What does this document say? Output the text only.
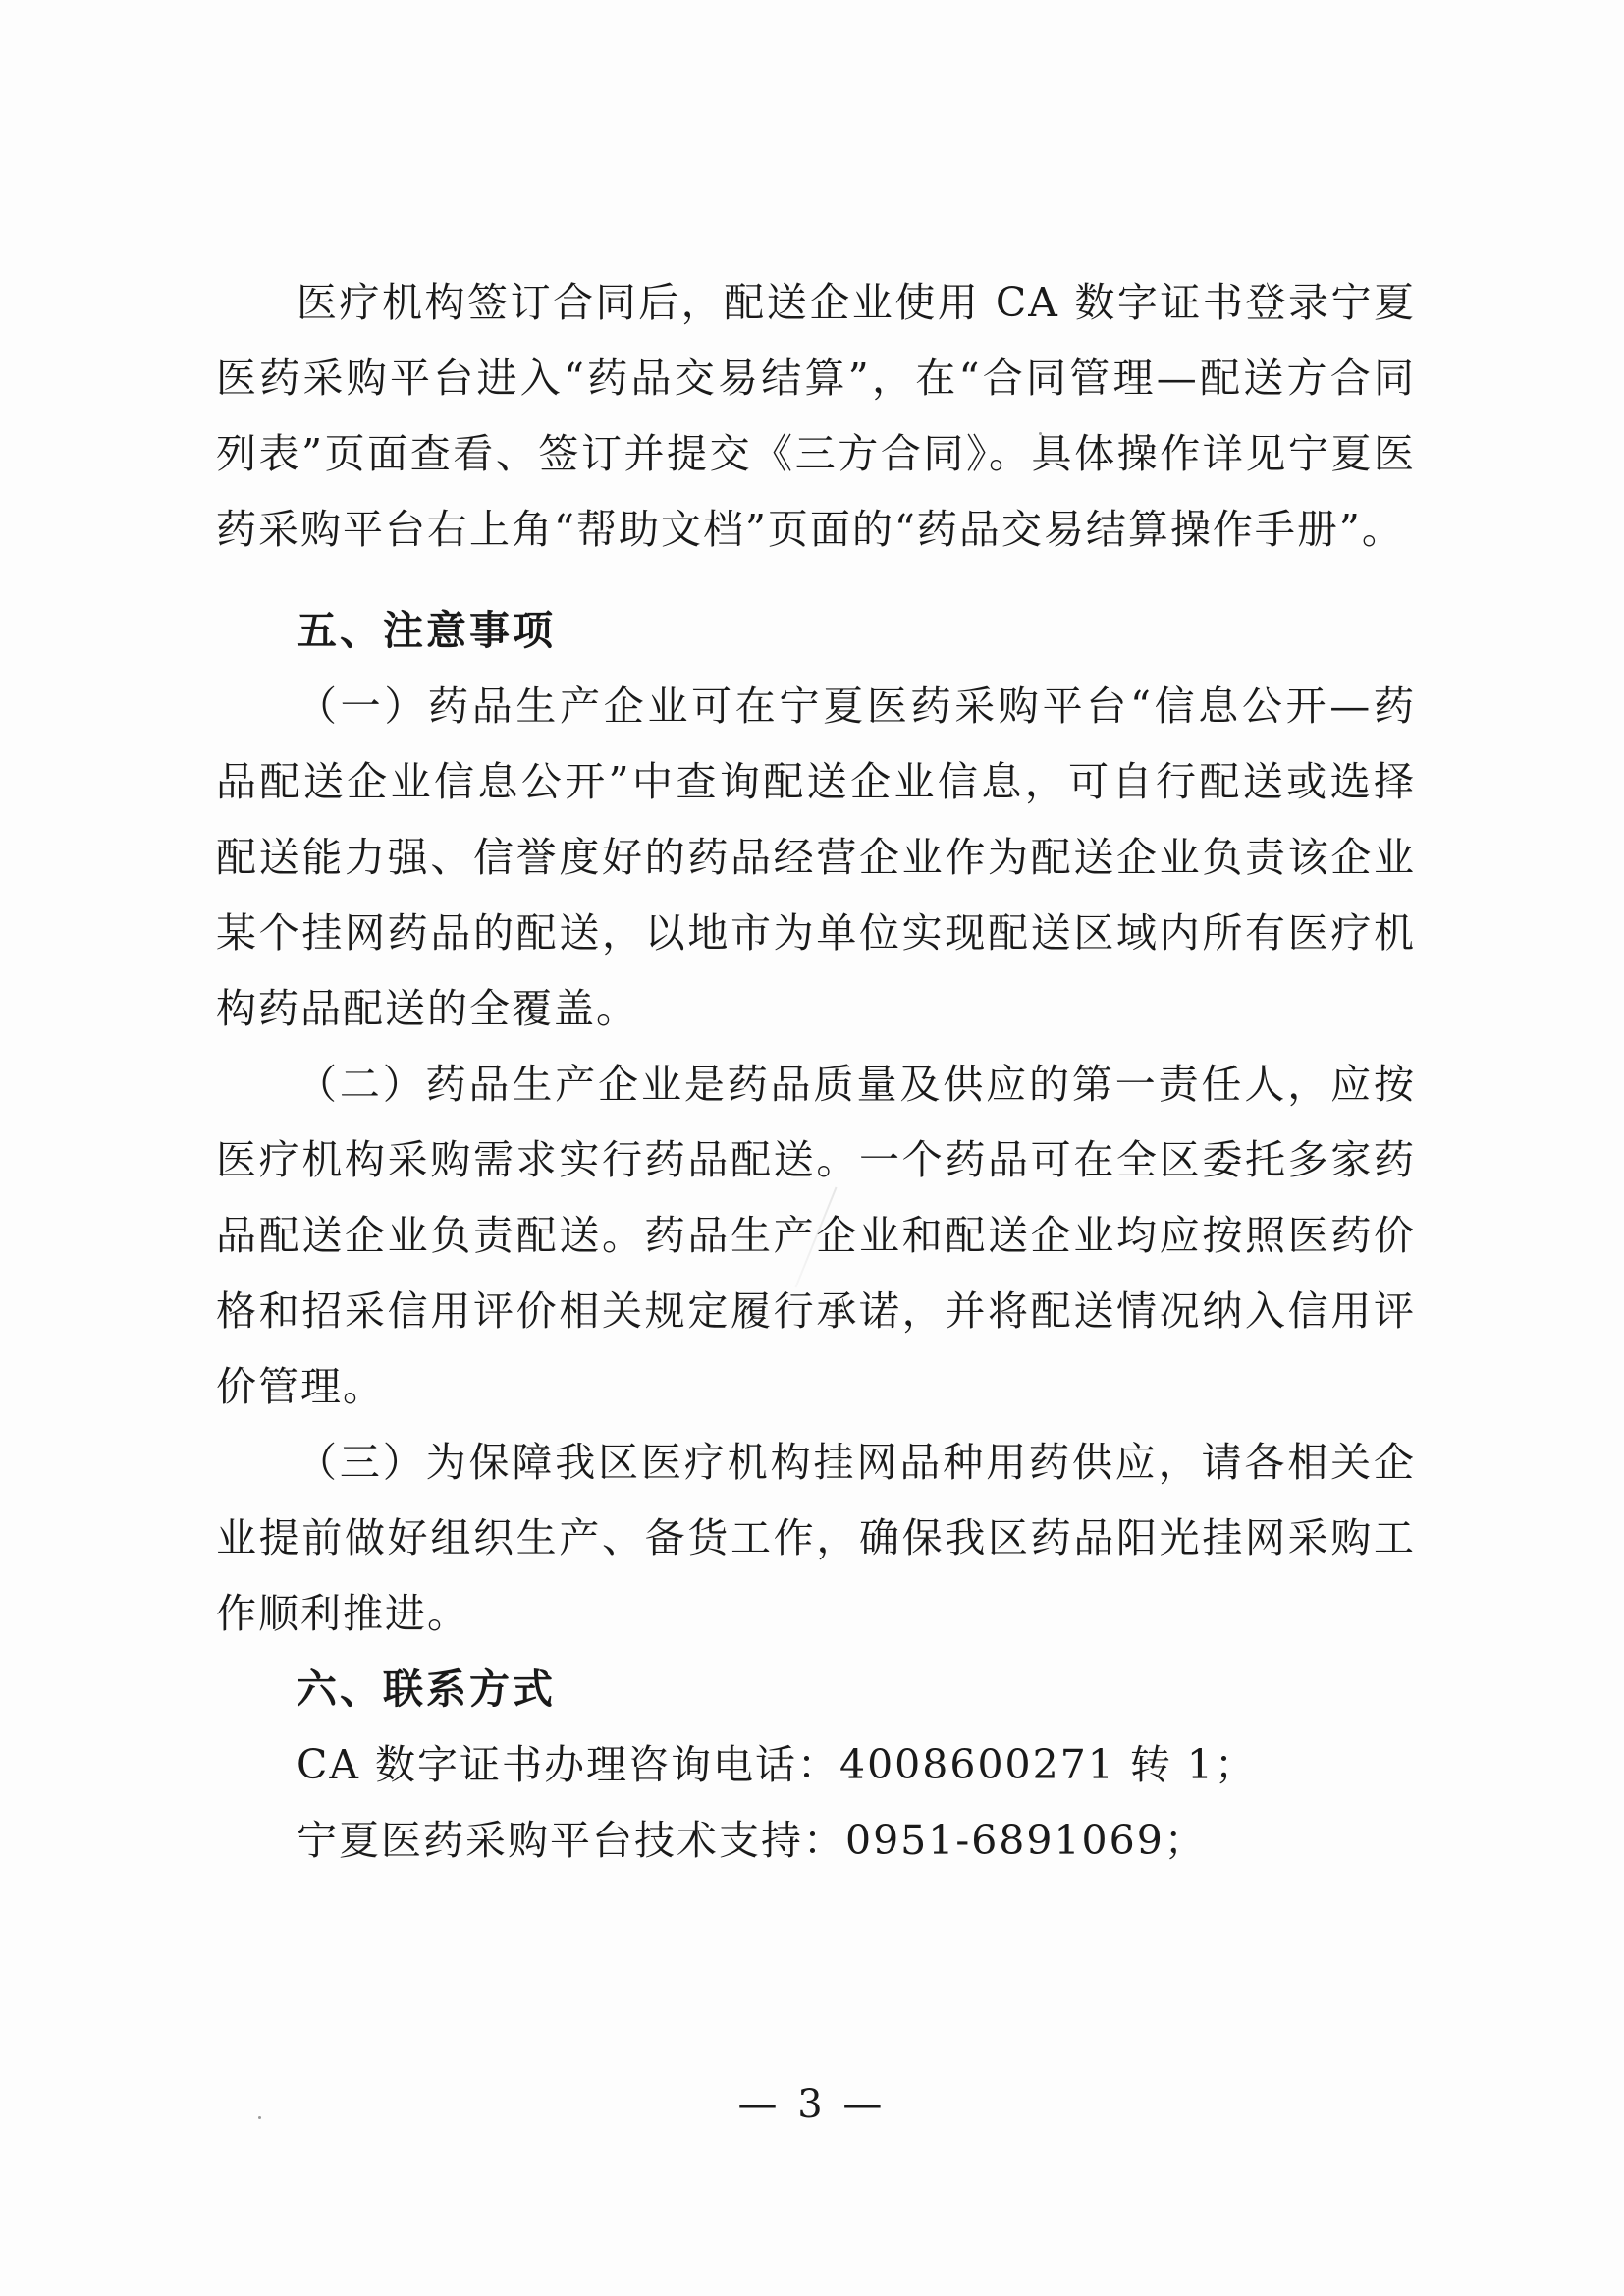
医疗机构签订合同后，配送企业使用 CA 数字证书登录宁夏医药采购平台进入“药品交易结算”，在“合同管理—配送方合同列表”页面查看、签订并提交《三方合同》。具体操作详见宁夏医药采购平台右上角“帮助文档”页面的“药品交易结算操作手册”。

五、注意事项

（一）药品生产企业可在宁夏医药采购平台“信息公开—药品配送企业信息公开”中查询配送企业信息，可自行配送或选择配送能力强、信誉度好的药品经营企业作为配送企业负责该企业某个挂网药品的配送，以地市为单位实现配送区域内所有医疗机构药品配送的全覆盖。

（二）药品生产企业是药品质量及供应的第一责任人，应按医疗机构采购需求实行药品配送。一个药品可在全区委托多家药品配送企业负责配送。药品生产企业和配送企业均应按照医药价格和招采信用评价相关规定履行承诺，并将配送情况纳入信用评价管理。

（三）为保障我区医疗机构挂网品种用药供应，请各相关企业提前做好组织生产、备货工作，确保我区药品阳光挂网采购工作顺利推进。

六、联系方式

CA 数字证书办理咨询电话：4008600271 转 1；

宁夏医药采购平台技术支持：0951-6891069；

— 3 —
